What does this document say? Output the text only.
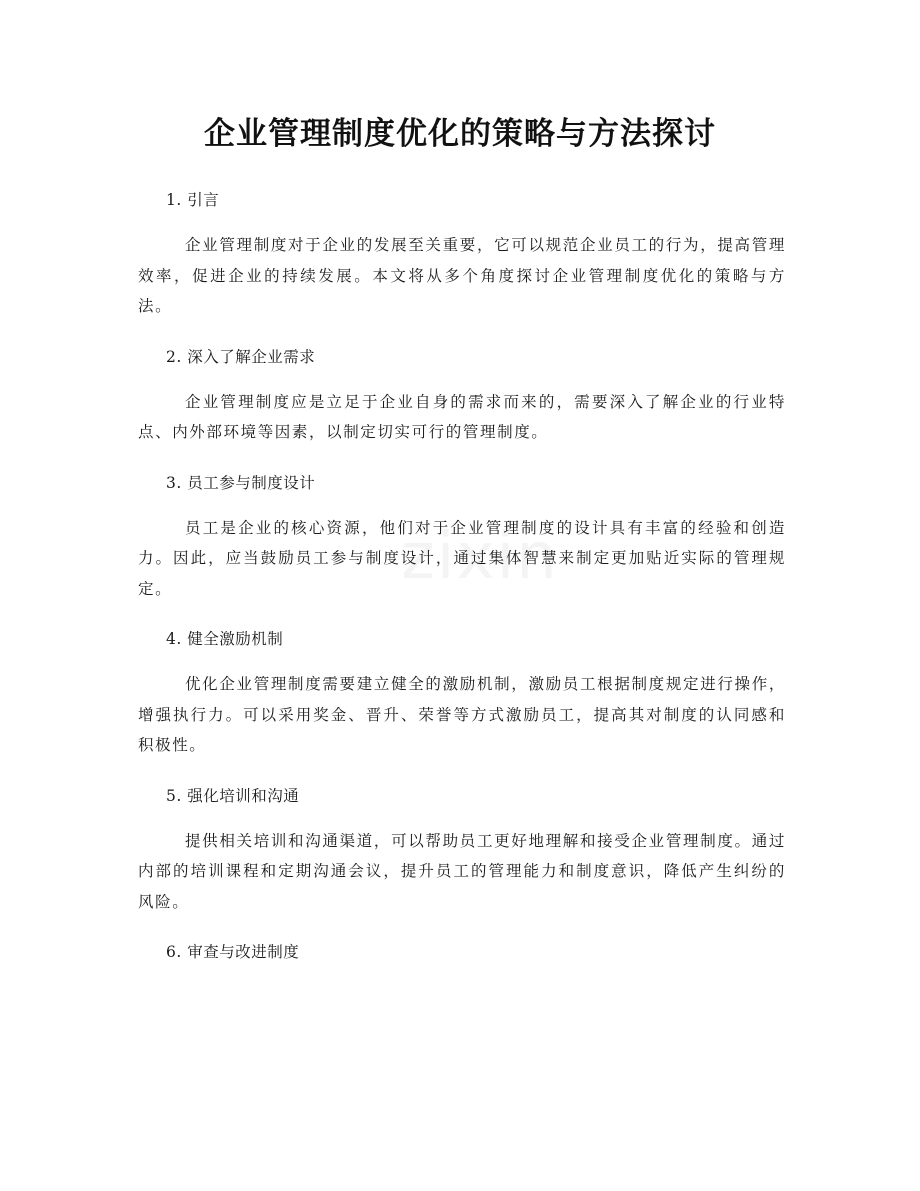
企业管理制度优化的策略与方法探讨
zixin
1. 引言

企业管理制度对于企业的发展至关重要，它可以规范企业员工的行为，提高管理效率，促进企业的持续发展。本文将从多个角度探讨企业管理制度优化的策略与方法。

2. 深入了解企业需求

企业管理制度应是立足于企业自身的需求而来的，需要深入了解企业的行业特点、内外部环境等因素，以制定切实可行的管理制度。

3. 员工参与制度设计

员工是企业的核心资源，他们对于企业管理制度的设计具有丰富的经验和创造力。因此，应当鼓励员工参与制度设计，通过集体智慧来制定更加贴近实际的管理规定。

4. 健全激励机制

优化企业管理制度需要建立健全的激励机制，激励员工根据制度规定进行操作，增强执行力。可以采用奖金、晋升、荣誉等方式激励员工，提高其对制度的认同感和积极性。

5. 强化培训和沟通

提供相关培训和沟通渠道，可以帮助员工更好地理解和接受企业管理制度。通过内部的培训课程和定期沟通会议，提升员工的管理能力和制度意识，降低产生纠纷的风险。

6. 审查与改进制度
